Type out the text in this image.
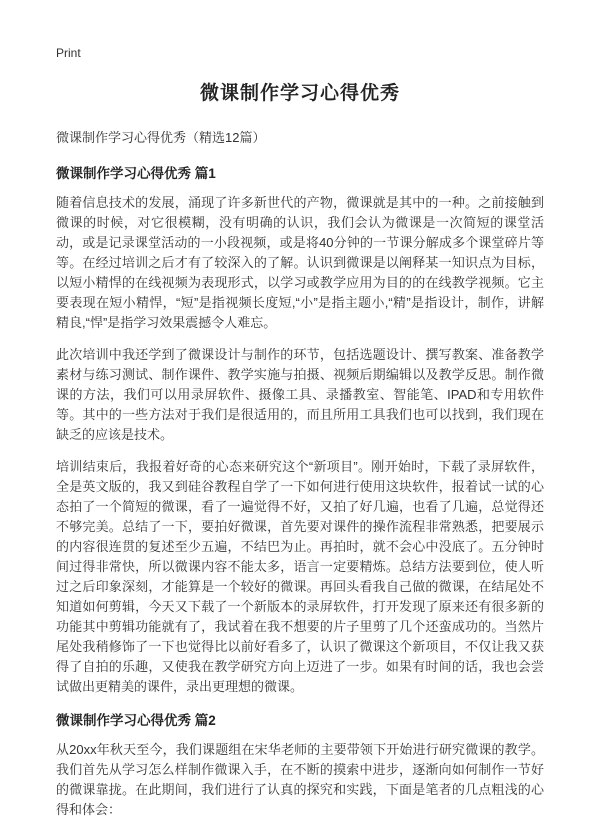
Print
微课制作学习心得优秀

微课制作学习心得优秀（精选12篇）

微课制作学习心得优秀 篇1

随着信息技术的发展，涌现了许多新世代的产物，微课就是其中的一种。之前接触到微课的时候，对它很模糊，没有明确的认识，我们会认为微课是一次简短的课堂活动，或是记录课堂活动的一小段视频，或是将40分钟的一节课分解成多个课堂碎片等等。在经过培训之后才有了较深入的了解。认识到微课是以阐释某一知识点为目标，以短小精悍的在线视频为表现形式，以学习或教学应用为目的的在线教学视频。它主要表现在短小精悍，“短”是指视频长度短,“小”是指主题小,“精”是指设计，制作，讲解精良,“悍”是指学习效果震撼令人难忘。

此次培训中我还学到了微课设计与制作的环节，包括选题设计、撰写教案、准备教学素材与练习测试、制作课件、教学实施与拍摄、视频后期编辑以及教学反思。制作微课的方法，我们可以用录屏软件、摄像工具、录播教室、智能笔、IPAD和专用软件等。其中的一些方法对于我们是很适用的，而且所用工具我们也可以找到，我们现在缺乏的应该是技术。

培训结束后，我报着好奇的心态来研究这个“新项目”。刚开始时，下载了录屏软件，全是英文版的，我又到硅谷教程自学了一下如何进行使用这块软件，报着试一试的心态拍了一个简短的微课，看了一遍觉得不好，又拍了好几遍，也看了几遍，总觉得还不够完美。总结了一下，要拍好微课，首先要对课件的操作流程非常熟悉，把要展示的内容很连贯的复述至少五遍，不结巴为止。再拍时，就不会心中没底了。五分钟时间过得非常快，所以微课内容不能太多，语言一定要精炼。总结方法要到位，使人听过之后印象深刻，才能算是一个较好的微课。再回头看我自己做的微课，在结尾处不知道如何剪辑，今天又下载了一个新版本的录屏软件，打开发现了原来还有很多新的功能其中剪辑功能就有了，我试着在我不想要的片子里剪了几个还蛮成功的。当然片尾处我稍修饰了一下也觉得比以前好看多了，认识了微课这个新项目，不仅让我又获得了自拍的乐趣，又使我在教学研究方向上迈进了一步。如果有时间的话，我也会尝试做出更精美的课件，录出更理想的微课。

微课制作学习心得优秀 篇2

从20xx年秋天至今，我们课题组在宋华老师的主要带领下开始进行研究微课的教学。我们首先从学习怎么样制作微课入手，在不断的摸索中进步，逐渐向如何制作一节好的微课靠拢。在此期间，我们进行了认真的探究和实践，下面是笔者的几点粗浅的心得和体会：
